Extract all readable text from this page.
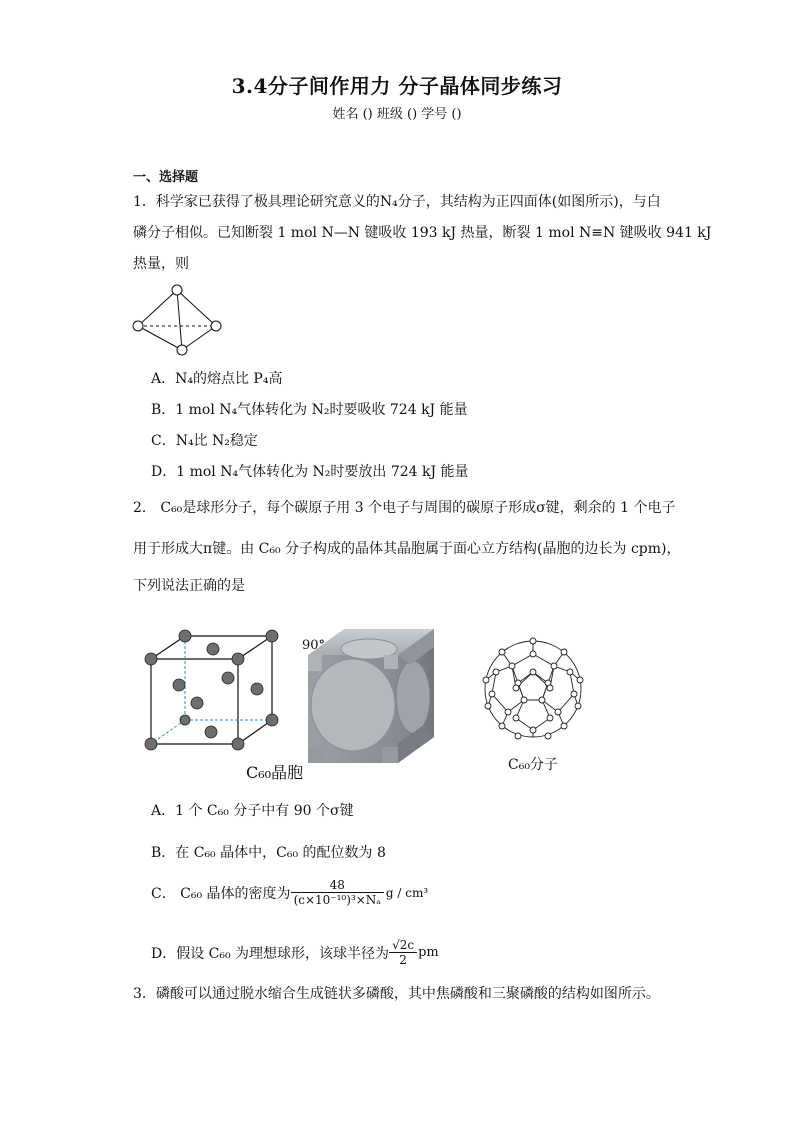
3.4分子间作用力 分子晶体同步练习
姓名 () 班级 () 学号 ()
一、选择题
1．科学家已获得了极具理论研究意义的N₄分子，其结构为正四面体(如图所示)，与白
磷分子相似。已知断裂 1 mol N—N 键吸收 193 kJ 热量，断裂 1 mol N≡N 键吸收 941 kJ
热量，则
A．N₄的熔点比 P₄高
B．1 mol N₄气体转化为 N₂时要吸收 724 kJ 能量
C．N₄比 N₂稳定
D．1 mol N₄气体转化为 N₂时要放出 724 kJ 能量
2． C₆₀是球形分子，每个碳原子用 3 个电子与周围的碳原子形成σ键，剩余的 1 个电子
用于形成大π键。由 C₆₀ 分子构成的晶体其晶胞属于面心立方结构(晶胞的边长为 cpm)，
下列说法正确的是
C₆₀晶胞
90°
C₆₀分子
A．1 个 C₆₀ 分子中有 90 个σ键
B．在 C₆₀ 晶体中，C₆₀ 的配位数为 8
C． C₆₀ 晶体的密度为 $\frac{48}{\text{(c×10⁻¹⁰)³×Nₐ}}$ g / cm³
D．假设 C₆₀ 为理想球形，该球半径为 $\frac{√2c}{2}$ pm
3．磷酸可以通过脱水缩合生成链状多磷酸，其中焦磷酸和三聚磷酸的结构如图所示。
